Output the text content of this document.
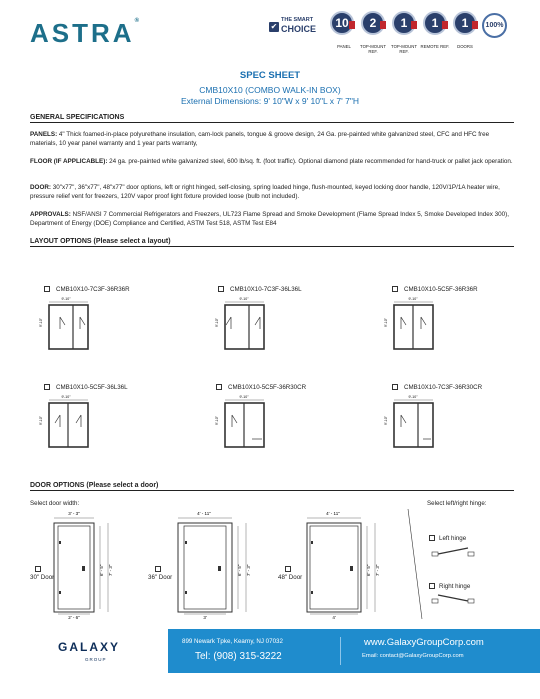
ASTRA®
✔
THE SMART
CHOICE 10
PANEL
2
TOP-MOUNT REF.
1
TOP-MOUNT REF.
1
REMOTE REF.
1
DOORS
100%
SPEC SHEET
CMB10X10 (COMBO WALK-IN BOX)
External Dimensions: 9' 10"W x 9' 10"L x 7' 7"H
GENERAL SPECIFICATIONS
PANELS: 4" Thick foamed-in-place polyurethane insulation, cam-lock panels, tongue & groove design, 24 Ga. pre-painted white galvanized steel, CFC and HFC free materials, 10 year panel warranty and 1 year parts warranty,
FLOOR (IF APPLICABLE): 24 ga. pre-painted white galvanized steel, 600 lb/sq. ft. (foot traffic). Optional diamond plate recommended for hand-truck or pallet jack operation.
DOOR: 30"x77", 36"x77", 48"x77" door options, left or right hinged, self-closing, spring loaded hinge, flush-mounted, keyed locking door handle, 120V/1P/1A heater wire, pressure relief vent for freezers, 120V vapor proof light fixture provided loose (bulb not included).
APPROVALS: NSF/ANSI 7 Commercial Refrigerators and Freezers, UL723 Flame Spread and Smoke Development (Flame Spread Index 5, Smoke Developed Index 300), Department of Energy (DOE) Compliance and Certified, ASTM Test 518, ASTM Test E84
LAYOUT OPTIONS (Please select a layout)
CMB10X10-7C3F-36R36R	CMB10X10-7C3F-36L36L	CMB10X10-5C5F-36R36R
CMB10X10-5C5F-36L36L	CMB10X10-5C5F-36R30CR	CMB10X10-7C3F-36R30CR
9'-10"
9'-10"
9'-10"
9'-10"
9'-10"
9'-10"
9'-10"
9'-10"
9'-10"
9'-10"
9'-10"
9'-10"
DOOR OPTIONS (Please select a door)
Select door width:	Select left/right hinge:
30" Door
3' - 3"
6' - 5" 7' - 3"
2' - 6"
36" Door
4' - 11"
6' - 5" 7' - 3"
3'
48" Door
4' - 11"
6' - 5" 7' - 3"
4'
Left hinge
Right hinge
GALAXY
GROUP
899 Newark Tpke, Kearny, NJ 07032
Tel: (908) 315-3222
www.GalaxyGroupCorp.com
Email: contact@GalaxyGroupCorp.com
